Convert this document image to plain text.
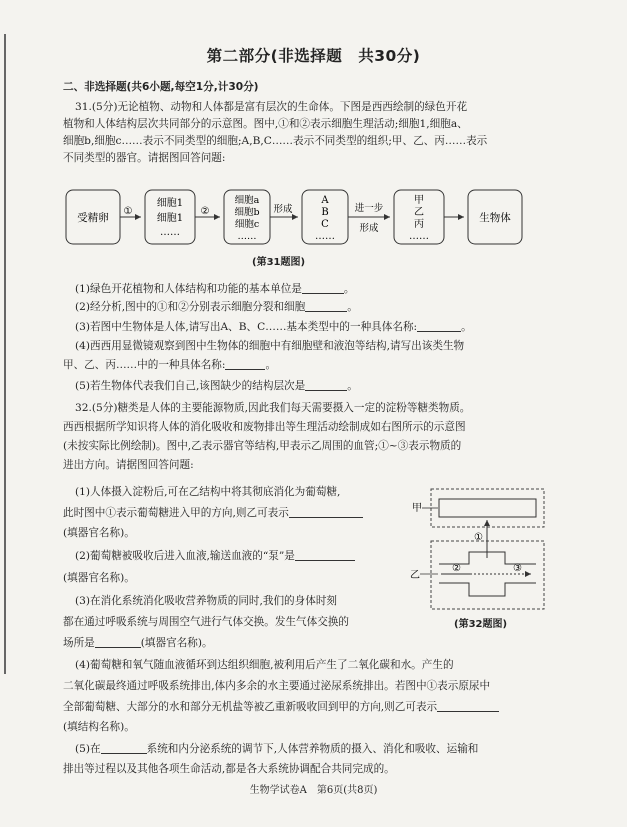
第二部分(非选择题　共30分)
二、非选择题(共6小题,每空1分,计30分)
31.(5分)无论植物、动物和人体都是富有层次的生命体。下图是西西绘制的绿色开花
植物和人体结构层次共同部分的示意图。图中,①和②表示细胞生理活动;细胞1,细胞a、
细胞b,细胞c……表示不同类型的细胞;A,B,C……表示不同类型的组织;甲、乙、丙……表示
不同类型的器官。请据图回答问题:
受精卵
①
细胞1
细胞1
……
②
细胞a
细胞b
细胞c
……
形成
A
B
C
……
进一步
形成
甲
乙
丙
……
生物体
(第31题图)
(1)绿色开花植物和人体结构和功能的基本单位是	。
(2)经分析,图中的①和②分别表示细胞分裂和细胞	。
(3)若图中生物体是人体,请写出A、B、C……基本类型中的一种具体名称:	。
(4)西西用显微镜观察到图中生物体的细胞中有细胞壁和液泡等结构,请写出该类生物
甲、乙、丙……中的一种具体名称:	。
(5)若生物体代表我们自己,该图缺少的结构层次是	。
32.(5分)糖类是人体的主要能源物质,因此我们每天需要摄入一定的淀粉等糖类物质。
西西根据所学知识将人体的消化吸收和废物排出等生理活动绘制成如右图所示的示意图
(未按实际比例绘制)。图中,乙表示器官等结构,甲表示乙周围的血管;①~③表示物质的
进出方向。请据图回答问题:
(1)人体摄入淀粉后,可在乙结构中将其彻底消化为葡萄糖,
此时图中①表示葡萄糖进入甲的方向,则乙可表示
(填器官名称)。
(2)葡萄糖被吸收后进入血液,输送血液的“泵”是
(填器官名称)。
(3)在消化系统消化吸收营养物质的同时,我们的身体时刻
都在通过呼吸系统与周围空气进行气体交换。发生气体交换的
场所是	(填器官名称)。
甲
乙
①
②	③
(第32题图)
(4)葡萄糖和氧气随血液循环到达组织细胞,被利用后产生了二氧化碳和水。产生的
二氧化碳最终通过呼吸系统排出,体内多余的水主要通过泌尿系统排出。若图中①表示原尿中
全部葡萄糖、大部分的水和部分无机盐等被乙重新吸收回到甲的方向,则乙可表示
(填结构名称)。
(5)在	系统和内分泌系统的调节下,人体营养物质的摄入、消化和吸收、运输和
排出等过程以及其他各项生命活动,都是各大系统协调配合共同完成的。
生物学试卷A　第6页(共8页)
